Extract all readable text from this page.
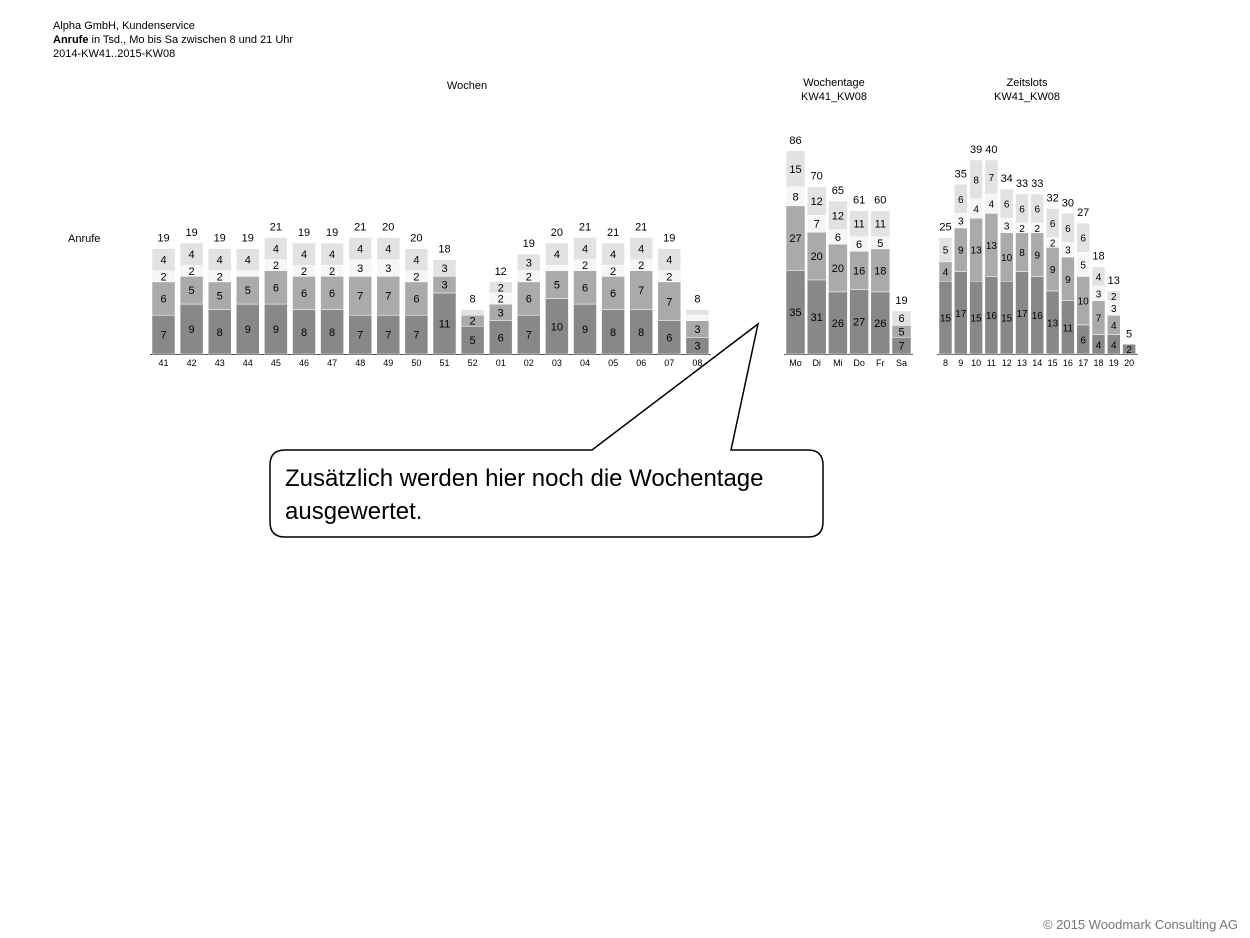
Alpha GmbH, Kundenservice
Anrufe in Tsd., Mo bis Sa zwischen 8 und 21 Uhr
2014-KW41..2015-KW08
Wochen	Wochentage
KW41_KW08
Zeitslots
KW41_KW08
Anrufe
7
6
2
4
19
41
9
5
2
4
19
42
8
5
2
4
19
43
9
5
4
19
44
9
6
2
4
21
45
8
6
2
4
19
46
8
6
2
4
19
47
7
7
3
4
21
48
7
7
3
4
20
49
7
6
2
4
20
50
11
3
3
18
51
5
2
8
52
6
3
2
2
12
01
7
6
2
3
19
02
10
5
4
20
03
9
6
2
4
21
04
8
6
2
4
21
05
8
7
2
4
21
06
6
7
2
4
19
07
3
3
8
08
35
27
8
15
86
Mo
31
20
7
12
70
Di
26
20
6
12
65
Mi
27
16
6
11
61
Do
26
18
5
11
60
Fr
7
5
6
19
Sa
15
4
5
25
8
17
9
3
6
35
9
15
13
4
8
39
10
16
13
4
7
40
11
15
10
3
6
34
12
17
8
2
6
33
13
16
9
2
6
33
14
13
9
2
6
32
15
11
9
3
6
30
16
6
10
5
6
27
17
4
7
3
4
18
18
4
4
3
2
13
19
2
5
20
Zusätzlich werden hier noch die Wochentage ausgewertet.
© 2015 Woodmark Consulting AG
